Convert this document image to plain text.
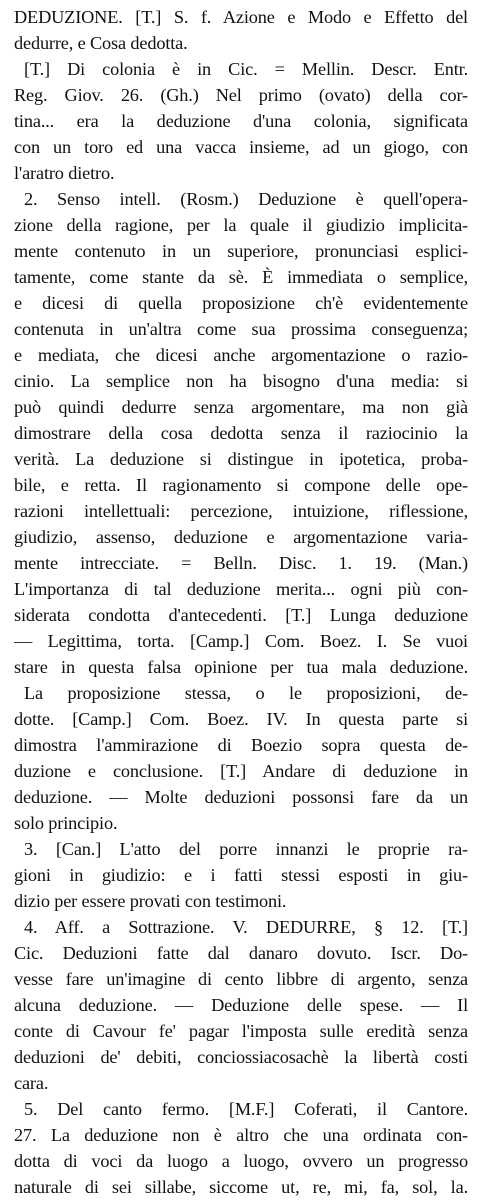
DEDUZIONE. [T.] S. f. Azione e Modo e Effetto del
dedurre, e Cosa dedotta.
[T.] Di colonia è in Cic. = Mellin. Descr. Entr.
Reg. Giov. 26. (Gh.) Nel primo (ovato) della cor-
tina... era la deduzione d'una colonia, significata
con un toro ed una vacca insieme, ad un giogo, con
l'aratro dietro.
2. Senso intell. (Rosm.) Deduzione è quell'opera-
zione della ragione, per la quale il giudizio implicita-
mente contenuto in un superiore, pronunciasi esplici-
tamente, come stante da sè. È immediata o semplice,
e dicesi di quella proposizione ch'è evidentemente
contenuta in un'altra come sua prossima conseguenza;
e mediata, che dicesi anche argomentazione o razio-
cinio. La semplice non ha bisogno d'una media: si
può quindi dedurre senza argomentare, ma non già
dimostrare della cosa dedotta senza il raziocinio la
verità. La deduzione si distingue in ipotetica, proba-
bile, e retta. Il ragionamento si compone delle ope-
razioni intellettuali: percezione, intuizione, riflessione,
giudizio, assenso, deduzione e argomentazione varia-
mente intrecciate. = Belln. Disc. 1. 19. (Man.)
L'importanza di tal deduzione merita... ogni più con-
siderata condotta d'antecedenti. [T.] Lunga deduzione
— Legittima, torta. [Camp.] Com. Boez. I. Se vuoi
stare in questa falsa opinione per tua mala deduzione.
La proposizione stessa, o le proposizioni, de-
dotte. [Camp.] Com. Boez. IV. In questa parte si
dimostra l'ammirazione di Boezio sopra questa de-
duzione e conclusione. [T.] Andare di deduzione in
deduzione. — Molte deduzioni possonsi fare da un
solo principio.
3. [Can.] L'atto del porre innanzi le proprie ra-
gioni in giudizio: e i fatti stessi esposti in giu-
dizio per essere provati con testimoni.
4. Aff. a Sottrazione. V. DEDURRE, § 12. [T.]
Cic. Deduzioni fatte dal danaro dovuto. Iscr. Do-
vesse fare un'imagine di cento libbre di argento, senza
alcuna deduzione. — Deduzione delle spese. — Il
conte di Cavour fe' pagar l'imposta sulle eredità senza
deduzioni de' debiti, conciossiacosachè la libertà costi
cara.
5. Del canto fermo. [M.F.] Coferati, il Cantore.
27. La deduzione non è altro che una ordinata con-
dotta di voci da luogo a luogo, ovvero un progresso
naturale di sei sillabe, siccome ut, re, mi, fa, sol, la.
